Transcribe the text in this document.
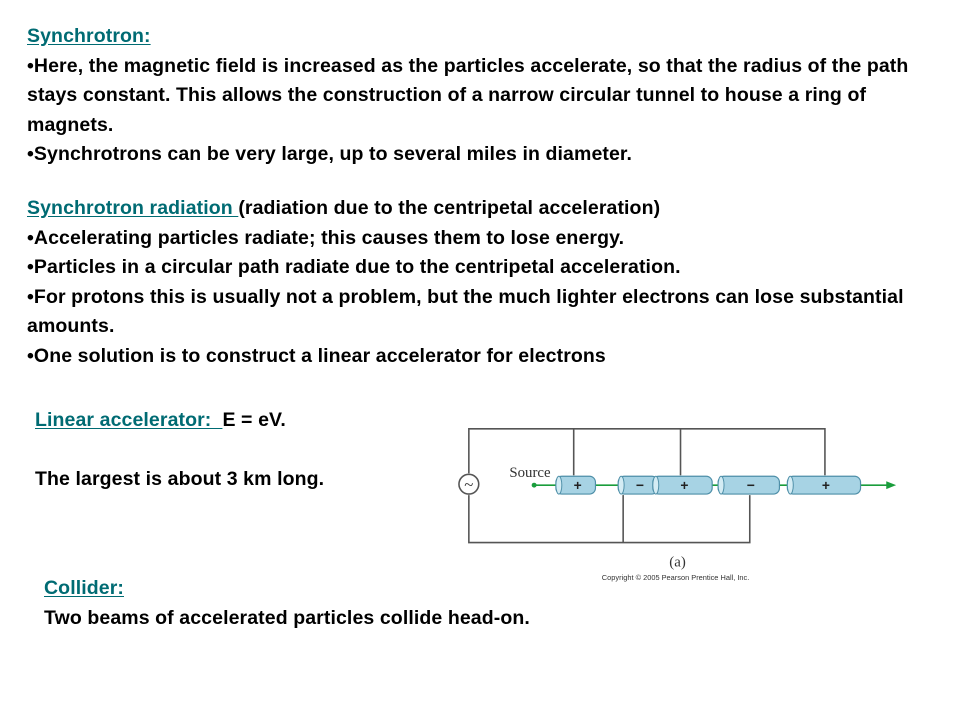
Synchrotron:

•Here, the magnetic field is increased as the particles accelerate, so that the radius of the path stays constant. This allows the construction of a narrow circular tunnel to house a ring of magnets.

•Synchrotrons can be very large, up to several miles in diameter.

Synchrotron radiation (radiation due to the centripetal acceleration)

•Accelerating particles radiate; this causes them to lose energy.

•Particles in a circular path radiate due to the centripetal acceleration.

•For protons this is usually not a problem, but the much lighter electrons can lose substantial amounts.

•One solution is to construct a linear accelerator for electrons

Linear accelerator:  E = eV.
The largest is about 3 km long.	~
Source
+	−	+	−	+
(a)
Copyright © 2005 Pearson Prentice Hall, Inc.
Collider:
Two beams of accelerated particles collide head-on.
